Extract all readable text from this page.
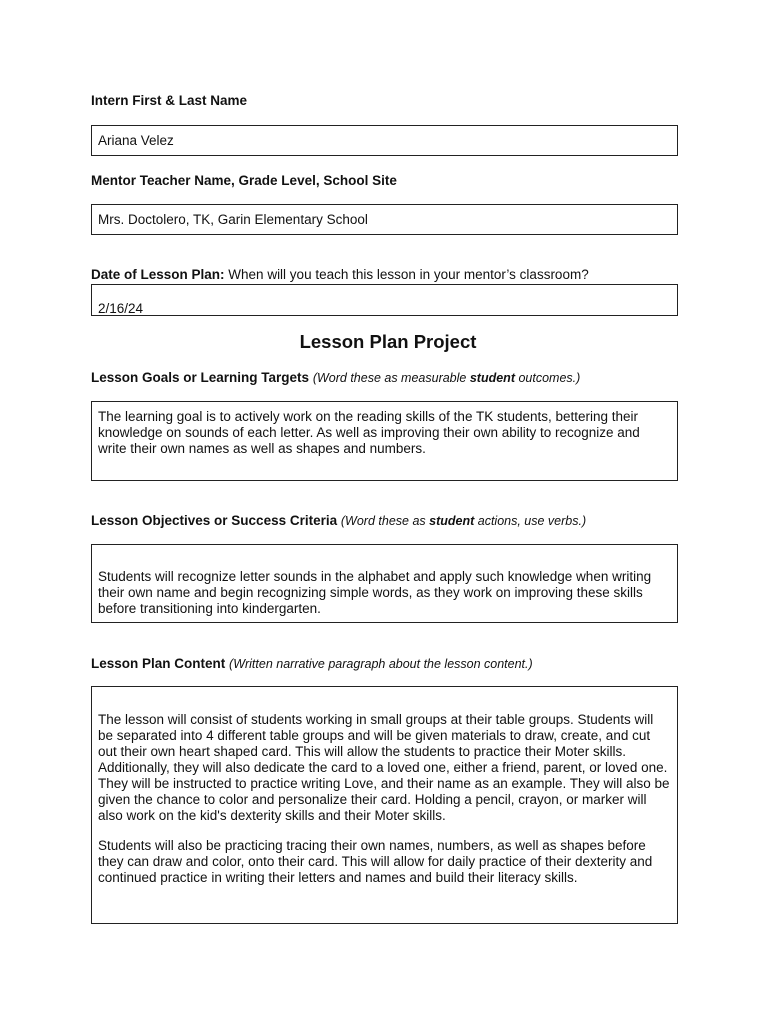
Intern First & Last Name
Ariana Velez
Mentor Teacher Name, Grade Level, School Site
Mrs. Doctolero, TK, Garin Elementary School
Date of Lesson Plan: When will you teach this lesson in your mentor’s classroom?
2/16/24
Lesson Plan Project
Lesson Goals or Learning Targets (Word these as measurable student outcomes.)

The learning goal is to actively work on the reading skills of the TK students, bettering their knowledge on sounds of each letter. As well as improving their own ability to recognize and write their own names as well as shapes and numbers.

Lesson Objectives or Success Criteria (Word these as student actions, use verbs.)

Students will recognize letter sounds in the alphabet and apply such knowledge when writing their own name and begin recognizing simple words, as they work on improving these skills before transitioning into kindergarten.

Lesson Plan Content (Written narrative paragraph about the lesson content.)

The lesson will consist of students working in small groups at their table groups. Students will be separated into 4 different table groups and will be given materials to draw, create, and cut out their own heart shaped card. This will allow the students to practice their Moter skills. Additionally, they will also dedicate the card to a loved one, either a friend, parent, or loved one. They will be instructed to practice writing Love, and their name as an example. They will also be given the chance to color and personalize their card. Holding a pencil, crayon, or marker will also work on the kid's dexterity skills and their Moter skills.

Students will also be practicing tracing their own names, numbers, as well as shapes before they can draw and color, onto their card. This will allow for daily practice of their dexterity and continued practice in writing their letters and names and build their literacy skills.
